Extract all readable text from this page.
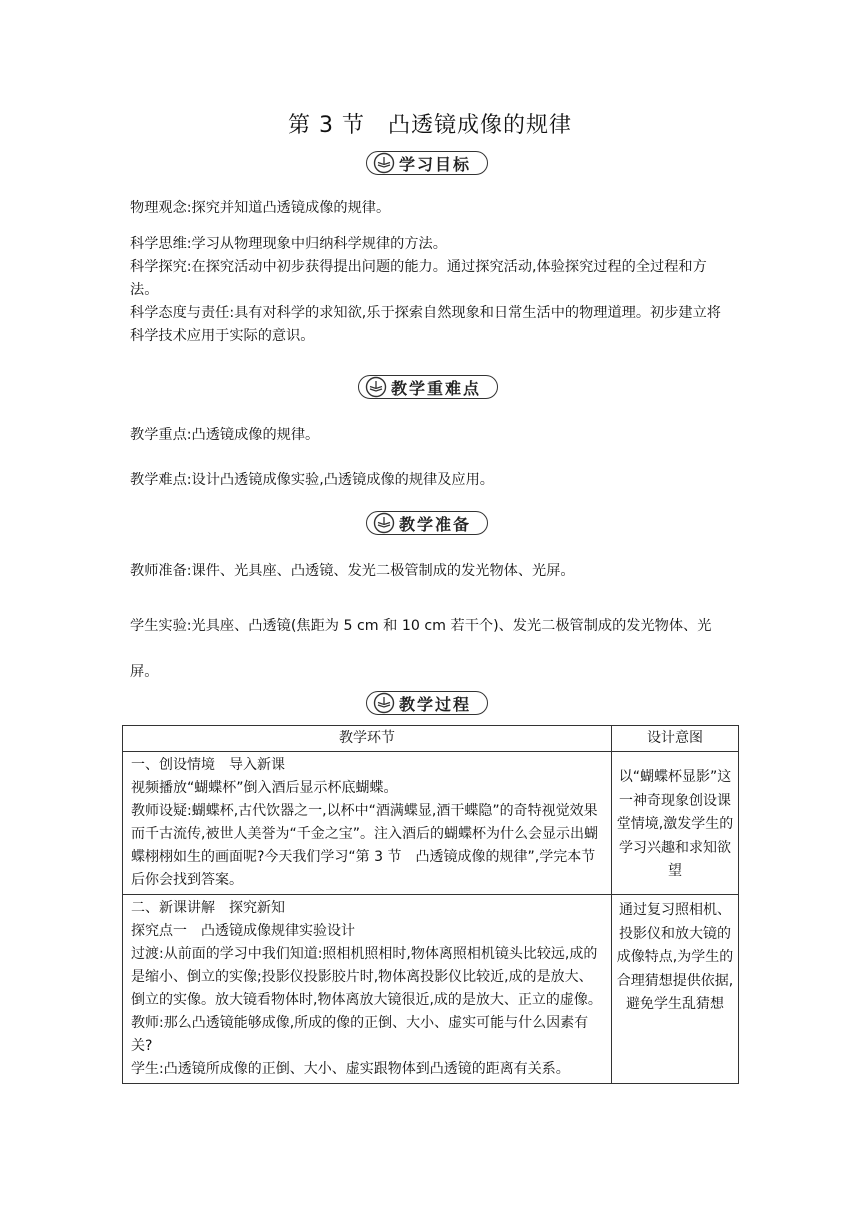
第 3 节　凸透镜成像的规律
学习目标

物理观念:探究并知道凸透镜成像的规律。

科学思维:学习从物理现象中归纳科学规律的方法。

科学探究:在探究活动中初步获得提出问题的能力。通过探究活动,体验探究过程的全过程和方法。

科学态度与责任:具有对科学的求知欲,乐于探索自然现象和日常生活中的物理道理。初步建立将科学技术应用于实际的意识。

教学重难点

教学重点:凸透镜成像的规律。

教学难点:设计凸透镜成像实验,凸透镜成像的规律及应用。

教学准备

教师准备:课件、光具座、凸透镜、发光二极管制成的发光物体、光屏。

学生实验:光具座、凸透镜(焦距为 5 cm 和 10 cm 若干个)、发光二极管制成的发光物体、光屏。

教学过程
教学环节	设计意图

一、创设情境　导入新课
视频播放“蝴蝶杯”倒入酒后显示杯底蝴蝶。
教师设疑:蝴蝶杯,古代饮器之一,以杯中“酒满蝶显,酒干蝶隐”的奇特视觉效果而千古流传,被世人美誉为“千金之宝”。注入酒后的蝴蝶杯为什么会显示出蝴蝶栩栩如生的画面呢?今天我们学习“第 3 节　凸透镜成像的规律”,学完本节后你会找到答案。	以“蝴蝶杯显影”这一神奇现象创设课堂情境,激发学生的学习兴趣和求知欲望

二、新课讲解　探究新知
探究点一　凸透镜成像规律实验设计
过渡:从前面的学习中我们知道:照相机照相时,物体离照相机镜头比较远,成的是缩小、倒立的实像;投影仪投影胶片时,物体离投影仪比较近,成的是放大、倒立的实像。放大镜看物体时,物体离放大镜很近,成的是放大、正立的虚像。
教师:那么凸透镜能够成像,所成的像的正倒、大小、虚实可能与什么因素有关?
学生:凸透镜所成像的正倒、大小、虚实跟物体到凸透镜的距离有关系。	通过复习照相机、投影仪和放大镜的成像特点,为学生的合理猜想提供依据,避免学生乱猜想
